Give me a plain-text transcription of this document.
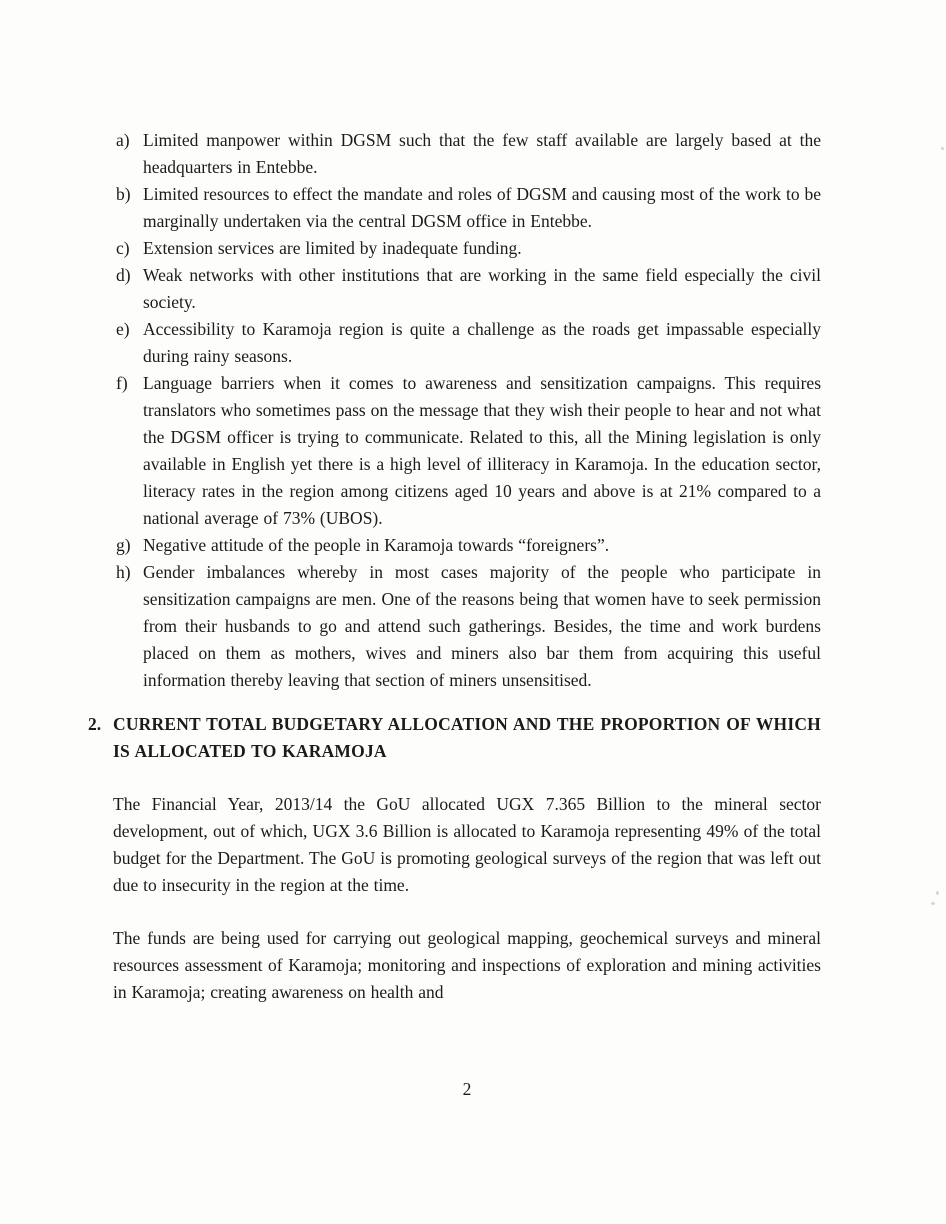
a) Limited manpower within DGSM such that the few staff available are largely based at the headquarters in Entebbe.
b) Limited resources to effect the mandate and roles of DGSM and causing most of the work to be marginally undertaken via the central DGSM office in Entebbe.
c) Extension services are limited by inadequate funding.
d) Weak networks with other institutions that are working in the same field especially the civil society.
e) Accessibility to Karamoja region is quite a challenge as the roads get impassable especially during rainy seasons.
f) Language barriers when it comes to awareness and sensitization campaigns. This requires translators who sometimes pass on the message that they wish their people to hear and not what the DGSM officer is trying to communicate. Related to this, all the Mining legislation is only available in English yet there is a high level of illiteracy in Karamoja. In the education sector, literacy rates in the region among citizens aged 10 years and above is at 21% compared to a national average of 73% (UBOS).
g) Negative attitude of the people in Karamoja towards “foreigners”.
h) Gender imbalances whereby in most cases majority of the people who participate in sensitization campaigns are men. One of the reasons being that women have to seek permission from their husbands to go and attend such gatherings. Besides, the time and work burdens placed on them as mothers, wives and miners also bar them from acquiring this useful information thereby leaving that section of miners unsensitised.
2. CURRENT TOTAL BUDGETARY ALLOCATION AND THE PROPORTION OF WHICH IS ALLOCATED TO KARAMOJA

The Financial Year, 2013/14 the GoU allocated UGX 7.365 Billion to the mineral sector development, out of which, UGX 3.6 Billion is allocated to Karamoja representing 49% of the total budget for the Department. The GoU is promoting geological surveys of the region that was left out due to insecurity in the region at the time.

The funds are being used for carrying out geological mapping, geochemical surveys and mineral resources assessment of Karamoja; monitoring and inspections of exploration and mining activities in Karamoja; creating awareness on health and

2
